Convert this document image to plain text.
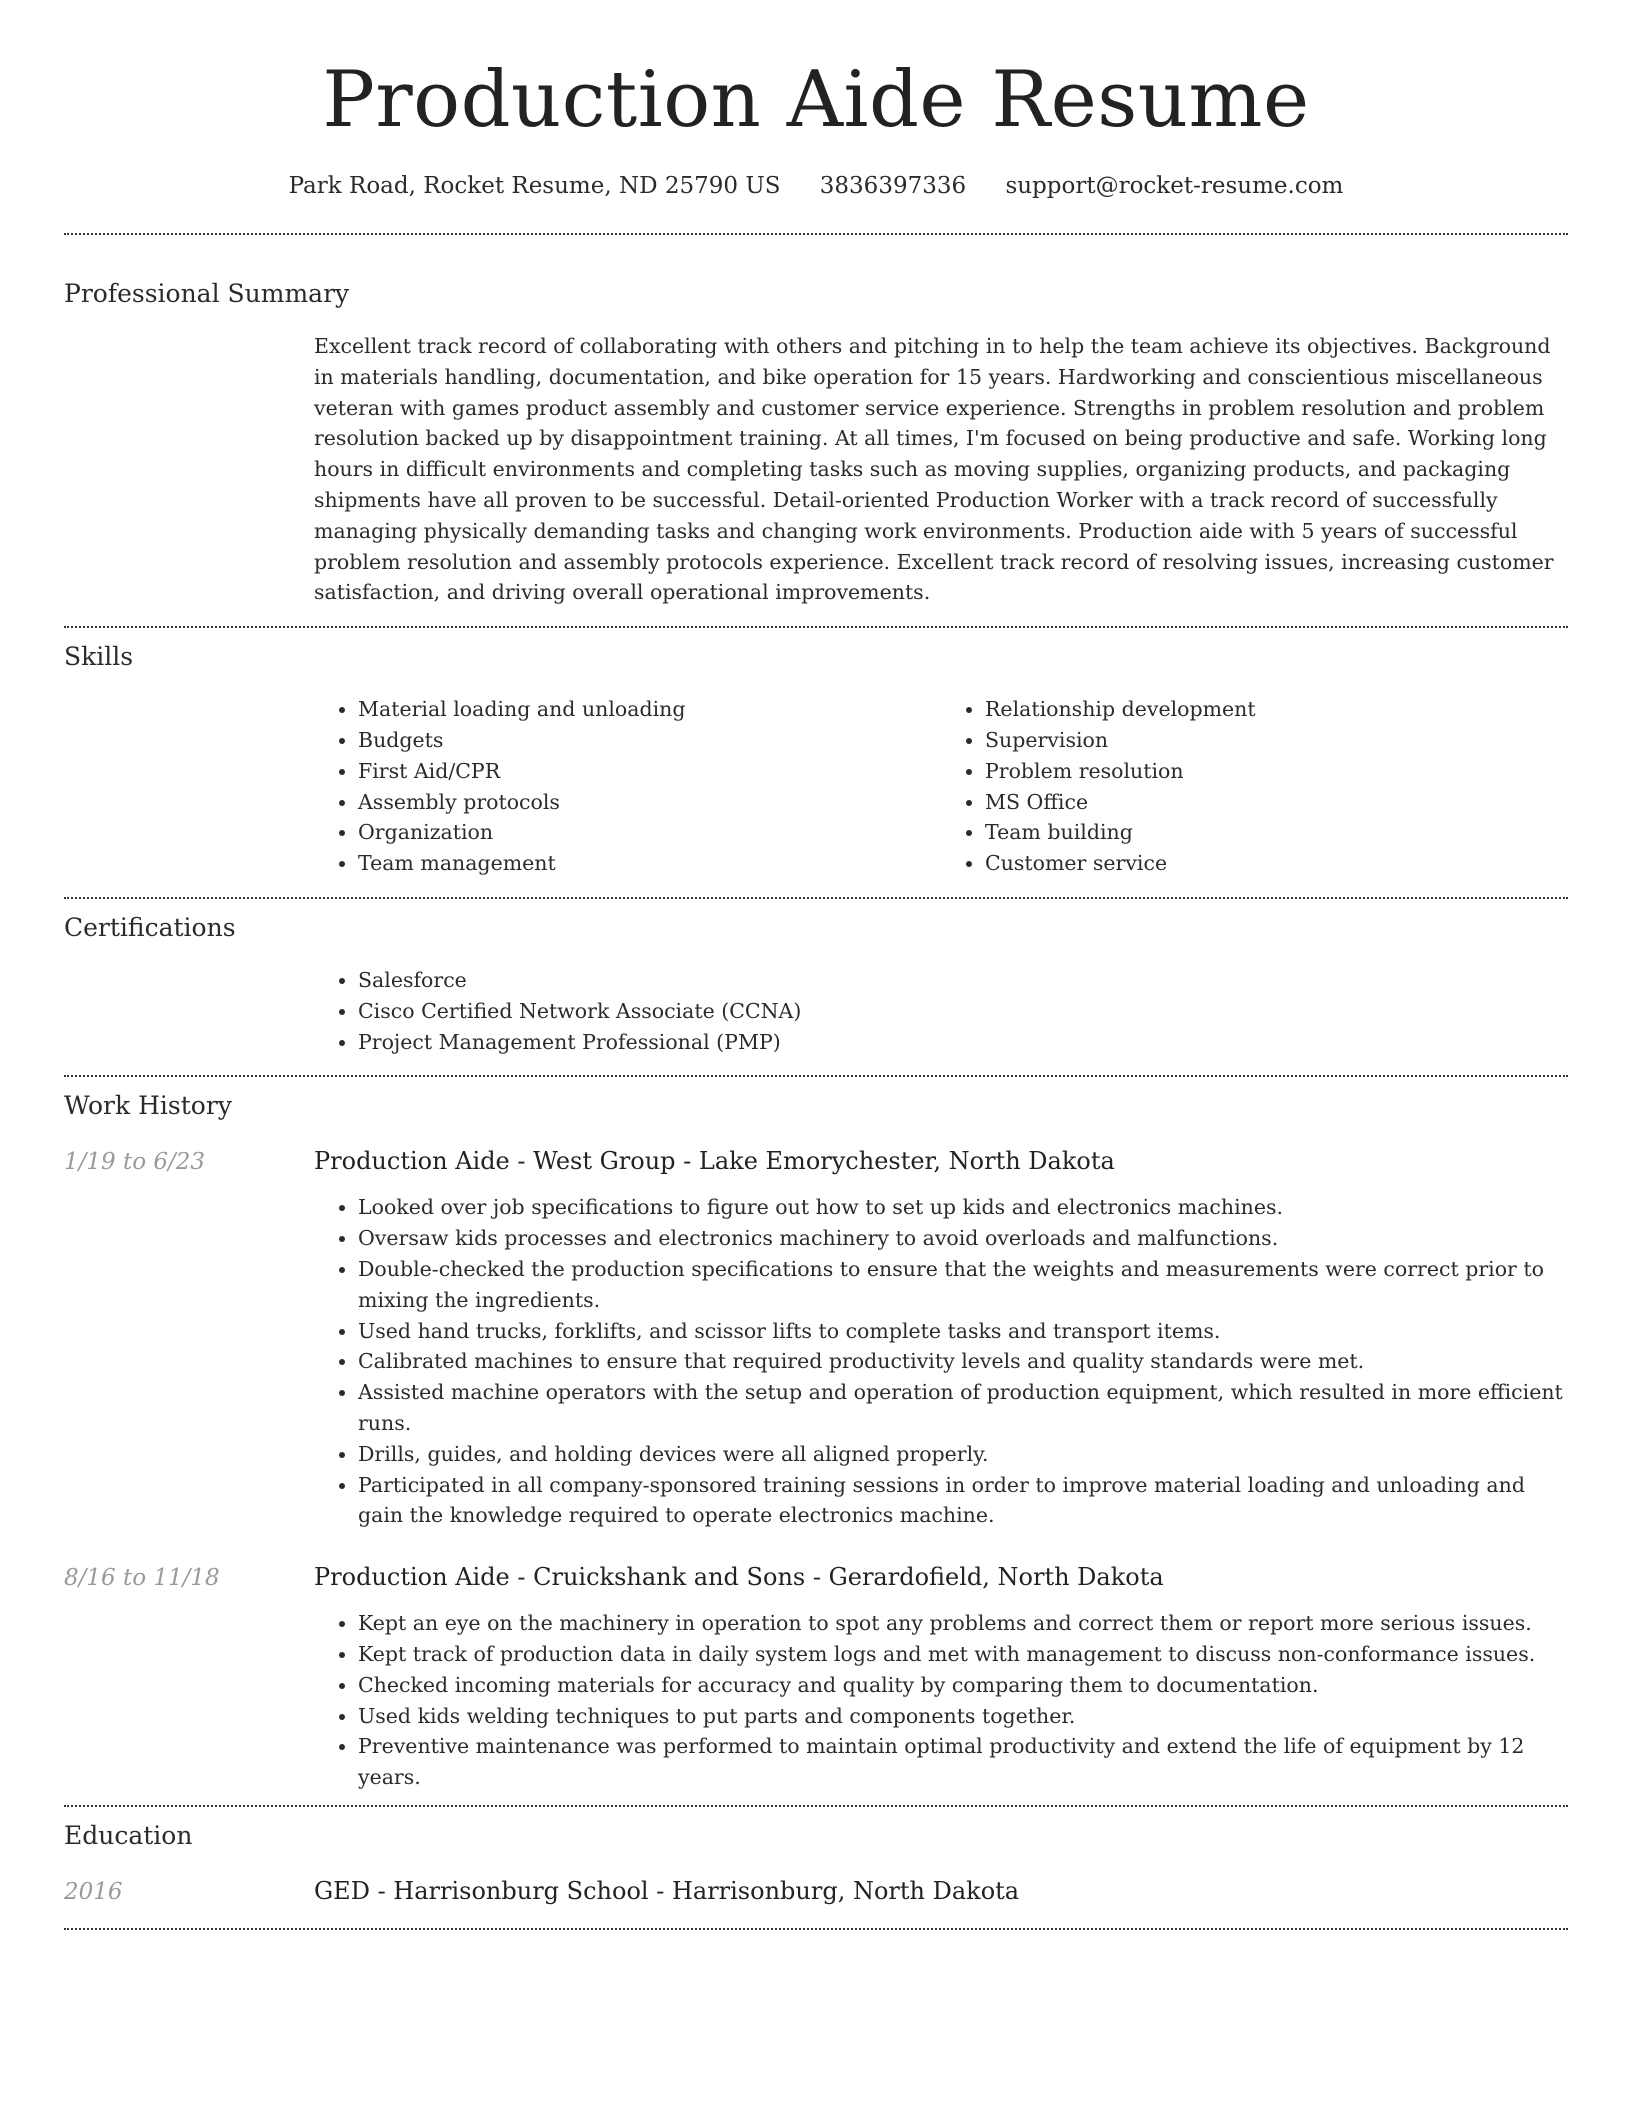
Production Aide Resume
Park Road, Rocket Resume, ND 25790 US 3836397336 support@rocket-resume.com
Professional Summary

Excellent track record of collaborating with others and pitching in to help the team achieve its objectives. Background in materials handling, documentation, and bike operation for 15 years. Hardworking and conscientious miscellaneous veteran with games product assembly and customer service experience. Strengths in problem resolution and problem resolution backed up by disappointment training. At all times, I'm focused on being productive and safe. Working long hours in difficult environments and completing tasks such as moving supplies, organizing products, and packaging shipments have all proven to be successful. Detail-oriented Production Worker with a track record of successfully managing physically demanding tasks and changing work environments. Production aide with 5 years of successful problem resolution and assembly protocols experience. Excellent track record of resolving issues, increasing customer satisfaction, and driving overall operational improvements.

Skills
• Material loading and unloading
• Budgets
• First Aid/CPR
• Assembly protocols
• Organization
• Team management
• Relationship development
• Supervision
• Problem resolution
• MS Office
• Team building
• Customer service
Certifications
• Salesforce
• Cisco Certified Network Associate (CCNA)
• Project Management Professional (PMP)
Work History
1/19 to 6/23	Production Aide - West Group - Lake Emorychester, North Dakota
• Looked over job specifications to figure out how to set up kids and electronics machines.
• Oversaw kids processes and electronics machinery to avoid overloads and malfunctions.
• Double-checked the production specifications to ensure that the weights and measurements were correct prior to mixing the ingredients.
• Used hand trucks, forklifts, and scissor lifts to complete tasks and transport items.
• Calibrated machines to ensure that required productivity levels and quality standards were met.
• Assisted machine operators with the setup and operation of production equipment, which resulted in more efficient runs.
• Drills, guides, and holding devices were all aligned properly.
• Participated in all company-sponsored training sessions in order to improve material loading and unloading and gain the knowledge required to operate electronics machine.
8/16 to 11/18	Production Aide - Cruickshank and Sons - Gerardofield, North Dakota
• Kept an eye on the machinery in operation to spot any problems and correct them or report more serious issues.
• Kept track of production data in daily system logs and met with management to discuss non-conformance issues.
• Checked incoming materials for accuracy and quality by comparing them to documentation.
• Used kids welding techniques to put parts and components together.
• Preventive maintenance was performed to maintain optimal productivity and extend the life of equipment by 12 years.
Education
2016	GED - Harrisonburg School - Harrisonburg, North Dakota
